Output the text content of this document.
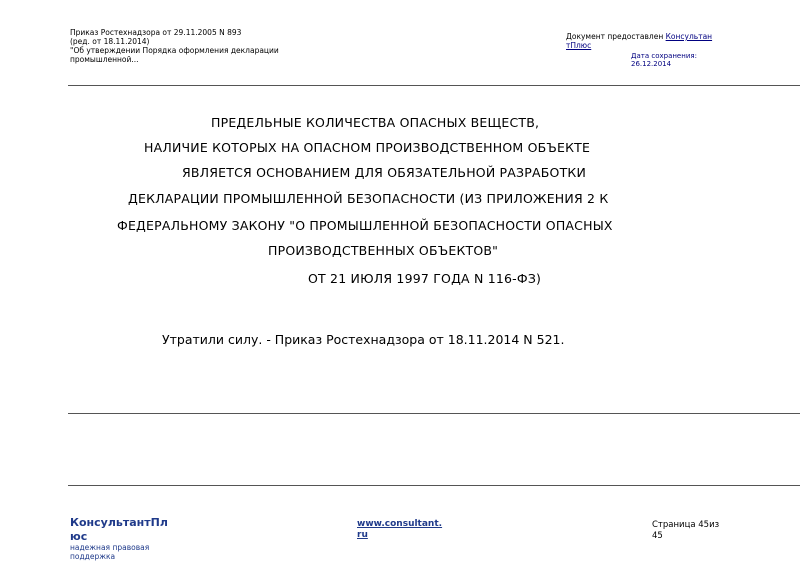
Приказ Ростехнадзора от 29.11.2005 N 893
(ред. от 18.11.2014)
"Об утверждении Порядка оформления декларации
промышленной...
Документ предоставлен Консультан
тПлюс
Дата сохранения:
26.12.2014
ПРЕДЕЛЬНЫЕ КОЛИЧЕСТВА ОПАСНЫХ ВЕЩЕСТВ,
НАЛИЧИЕ КОТОРЫХ НА ОПАСНОМ ПРОИЗВОДСТВЕННОМ ОБЪЕКТЕ
ЯВЛЯЕТСЯ ОСНОВАНИЕМ ДЛЯ ОБЯЗАТЕЛЬНОЙ РАЗРАБОТКИ
ДЕКЛАРАЦИИ ПРОМЫШЛЕННОЙ БЕЗОПАСНОСТИ (ИЗ ПРИЛОЖЕНИЯ 2 К
ФЕДЕРАЛЬНОМУ ЗАКОНУ "О ПРОМЫШЛЕННОЙ БЕЗОПАСНОСТИ ОПАСНЫХ
ПРОИЗВОДСТВЕННЫХ ОБЪЕКТОВ"
ОТ 21 ИЮЛЯ 1997 ГОДА N 116-ФЗ)
Утратили силу. - Приказ Ростехнадзора от 18.11.2014 N 521.
КонсультантПл
юс
надежная правовая
поддержка
www.consultant.
ru
Страница 45из
45
